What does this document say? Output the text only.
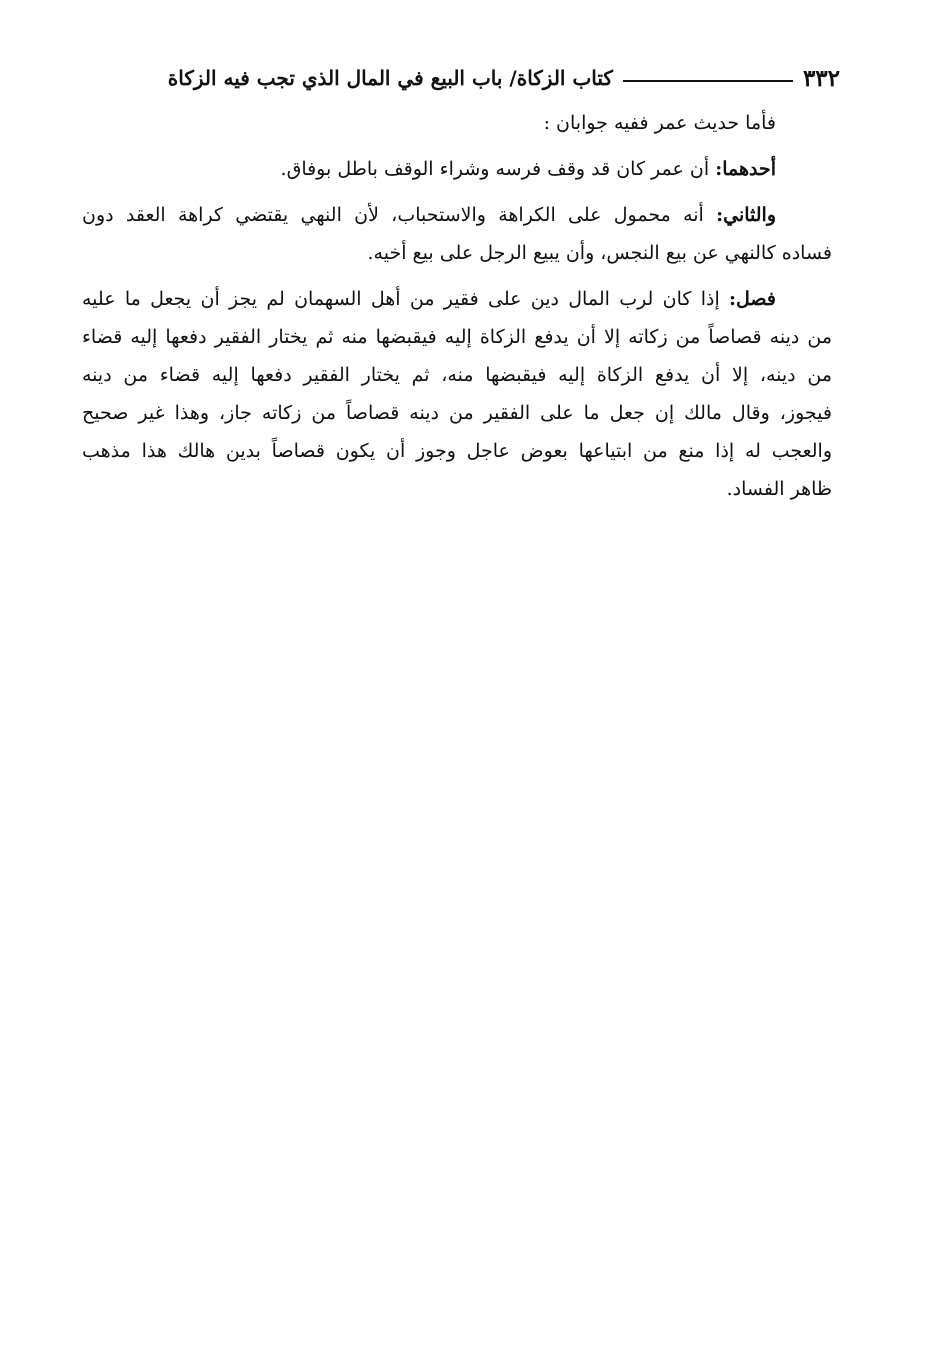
٣٣٢
كتاب الزكاة/ باب البيع في المال الذي تجب فيه الزكاة

فأما حديث عمر ففيه جوابان :

أحدهما: أن عمر كان قد وقف فرسه وشراء الوقف باطل بوفاق.

والثاني: أنه محمول على الكراهة والاستحباب، لأن النهي يقتضي كراهة العقد دون
فساده كالنهي عن بيع النجس، وأن يبيع الرجل على بيع أخيه.

فصل: إذا كان لرب المال دين على فقير من أهل السهمان لم يجز أن يجعل ما عليه
من دينه قصاصاً من زكاته إلا أن يدفع الزكاة إليه فيقبضها منه ثم يختار الفقير دفعها إليه قضاء
من دينه، إلا أن يدفع الزكاة إليه فيقبضها منه، ثم يختار الفقير دفعها إليه قضاء من دينه
فيجوز، وقال مالك إن جعل ما على الفقير من دينه قصاصاً من زكاته جاز، وهذا غير صحيح
والعجب له إذا منع من ابتياعها بعوض عاجل وجوز أن يكون قصاصاً بدين هالك هذا مذهب
ظاهر الفساد.
